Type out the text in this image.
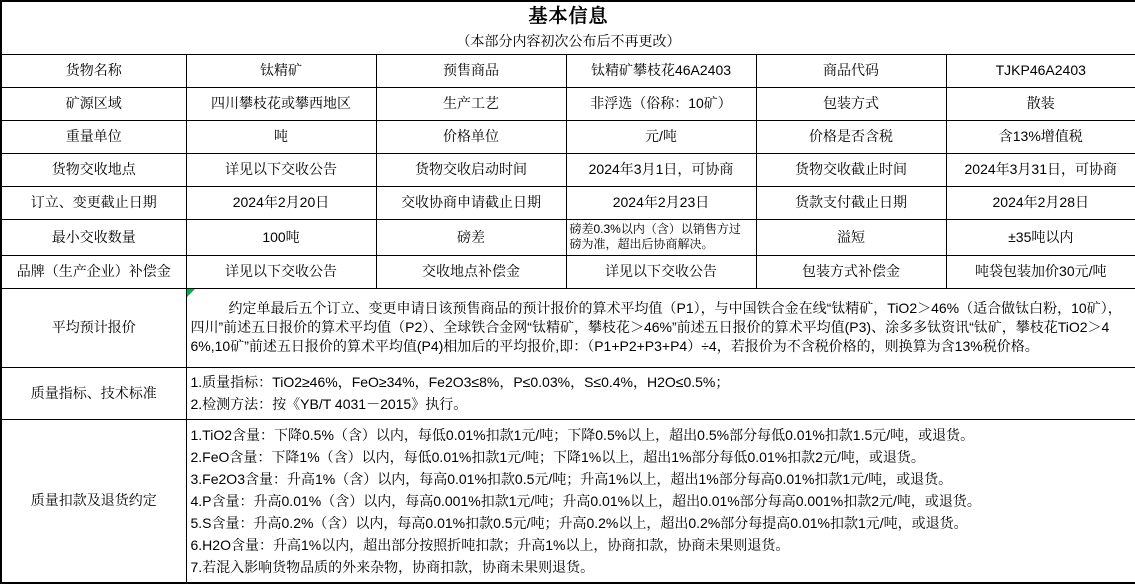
基本信息
（本部分内容初次公布后不再更改）					

货物名称	钛精矿	预售商品	钛精矿攀枝花46A2403	商品代码	TJKP46A2403
矿源区域	四川攀枝花或攀西地区	生产工艺	非浮选（俗称：10矿）	包装方式	散装
重量单位	吨	价格单位	元/吨	价格是否含税	含13%增值税
货物交收地点	详见以下交收公告	货物交收启动时间	2024年3月1日，可协商	货物交收截止时间	2024年3月31日，可协商
订立、变更截止日期	2024年2月20日	交收协商申请截止日期	2024年2月23日	货款支付截止日期	2024年2月28日
最小交收数量	100吨	磅差	磅差0.3%以内（含）以销售方过磅为准，超出后协商解决。	溢短	±35吨以内
品牌（生产企业）补偿金	详见以下交收公告	交收地点补偿金	详见以下交收公告	包装方式补偿金	吨袋包装加价30元/吨
平均预计报价	约定单最后五个订立、变更申请日该预售商品的预计报价的算术平均值（P1），与中国铁合金在线“钛精矿，TiO2＞46%（适合做钛白粉，10矿），四川”前述五日报价的算术平均值（P2）、全球铁合金网“钛精矿，攀枝花＞46%”前述五日报价的算术平均值(P3)、涂多多钛资讯“钛矿，攀枝花TiO2＞46%,10矿”前述五日报价的算术平均值(P4)相加后的平均报价,即：（P1+P2+P3+P4）÷4，若报价为不含税价格的，则换算为含13%税价格。				

质量指标、技术标准	1.质量指标：TiO2≥46%，FeO≥34%，Fe2O3≤8%，P≤0.03%，S≤0.4%，H2O≤0.5%；
2.检测方法：按《YB/T 4031－2015》执行。				

质量扣款及退货约定	
1.TiO2含量：下降0.5%（含）以内，每低0.01%扣款1元/吨；下降0.5%以上，超出0.5%部分每低0.01%扣款1.5元/吨，或退货。
2.FeO含量：下降1%（含）以内，每低0.01%扣款1元/吨；下降1%以上，超出1%部分每低0.01%扣款2元/吨，或退货。
3.Fe2O3含量：升高1%（含）以内，每高0.01%扣款0.5元/吨；升高1%以上，超出1%部分每高0.01%扣款1元/吨，或退货。
4.P含量：升高0.01%（含）以内，每高0.001%扣款1元/吨；升高0.01%以上，超出0.01%部分每高0.001%扣款2元/吨，或退货。
5.S含量：升高0.2%（含）以内，每高0.01%扣款0.5元/吨；升高0.2%以上，超出0.2%部分每提高0.01%扣款1元/吨，或退货。
6.H2O含量：升高1%以内，超出部分按照折吨扣款；升高1%以上，协商扣款，协商未果则退货。
7.若混入影响货物品质的外来杂物，协商扣款，协商未果则退货。
